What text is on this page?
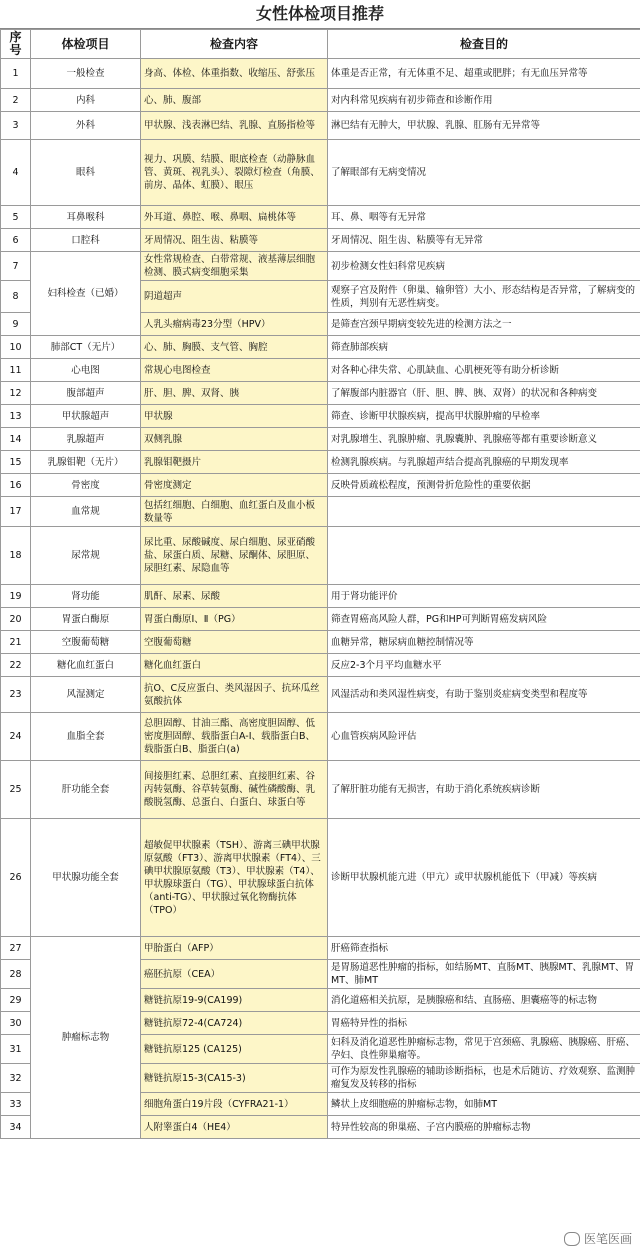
女性体检项目推荐
序号	体检项目	检查内容	检查目的
1	一般检查	身高、体检、体重指数、收缩压、舒张压	体重是否正常，有无体重不足、超重或肥胖；有无血压异常等
2	内科	心、肺、腹部	对内科常见疾病有初步筛查和诊断作用
3	外科	甲状腺、浅表淋巴结、乳腺、直肠指检等	淋巴结有无肿大，甲状腺、乳腺、肛肠有无异常等
4	眼科	视力、巩膜、结膜、眼底检查（动静脉血管、黄斑、视乳头）、裂隙灯检查（角膜、前房、晶体、虹膜）、眼压	了解眼部有无病变情况
5	耳鼻喉科	外耳道、鼻腔、喉、鼻咽、扁桃体等	耳、鼻、咽等有无异常
6	口腔科	牙周情况、阻生齿、粘膜等	牙周情况、阻生齿、粘膜等有无异常
7	妇科检查（已婚）	女性常规检查、白带常规、液基薄层细胞检测、膜式病变细胞采集	初步检测女性妇科常见疾病
8		阴道超声	观察子宫及附件（卵巢、输卵管）大小、形态结构是否异常，了解病变的性质，判别有无恶性病变。
9		人乳头瘤病毒23分型（HPV）	是筛查宫颈早期病变较先进的检测方法之一
10	肺部CT（无片）	心、肺、胸膜、支气管、胸腔	筛查肺部疾病
11	心电图	常规心电图检查	对各种心律失常、心肌缺血、心肌梗死等有助分析诊断
12	腹部超声	肝、胆、脾、双肾、胰	了解腹部内脏器官（肝、胆、脾、胰、双肾）的状况和各种病变
13	甲状腺超声	甲状腺	筛查、诊断甲状腺疾病，提高甲状腺肿瘤的早检率
14	乳腺超声	双侧乳腺	对乳腺增生、乳腺肿瘤、乳腺囊肿、乳腺癌等都有重要诊断意义
15	乳腺钼靶（无片）	乳腺钼靶摄片	检测乳腺疾病。与乳腺超声结合提高乳腺癌的早期发现率
16	骨密度	骨密度测定	反映骨质疏松程度，预测骨折危险性的重要依据
17	血常规	包括红细胞、白细胞、血红蛋白及血小板数量等	
18	尿常规	尿比重、尿酸碱度、尿白细胞、尿亚硝酸盐、尿蛋白质、尿糖、尿酮体、尿胆原、尿胆红素、尿隐血等	
19	肾功能	肌酐、尿素、尿酸	用于肾功能评价
20	胃蛋白酶原	胃蛋白酶原Ⅰ、Ⅱ（PG）	筛查胃癌高风险人群，PG和HP可判断胃癌发病风险
21	空腹葡萄糖	空腹葡萄糖	血糖异常，糖尿病血糖控制情况等
22	糖化血红蛋白	糖化血红蛋白	反应2-3个月平均血糖水平
23	风湿测定	抗O、C反应蛋白、类风湿因子、抗环瓜丝氨酸抗体	风湿活动和类风湿性病变，有助于鉴别炎症病变类型和程度等
24	血脂全套	总胆固醇、甘油三酯、高密度胆固醇、低密度胆固醇、载脂蛋白A-Ⅰ、载脂蛋白B、载脂蛋白B、脂蛋白(a)	心血管疾病风险评估
25	肝功能全套	间接胆红素、总胆红素、直接胆红素、谷丙转氨酶、谷草转氨酶、碱性磷酸酶、乳酸脱氢酶、总蛋白、白蛋白、球蛋白等	了解肝脏功能有无损害，有助于消化系统疾病诊断
26	甲状腺功能全套	超敏促甲状腺素（TSH）、游离三碘甲状腺原氨酸（FT3）、游离甲状腺素（FT4）、三碘甲状腺原氨酸（T3）、甲状腺素（T4）、甲状腺球蛋白（TG）、甲状腺球蛋白抗体（anti-TG）、甲状腺过氧化物酶抗体（TPO）	诊断甲状腺机能亢进（甲亢）或甲状腺机能低下（甲减）等疾病
27	肿瘤标志物	甲胎蛋白（AFP）	肝癌筛查指标
28		癌胚抗原（CEA）	是胃肠道恶性肿瘤的指标，如结肠MT、直肠MT、胰腺MT、乳腺MT、胃MT、肺MT
29		糖链抗原19-9(CA199)	消化道癌相关抗原，是胰腺癌和结、直肠癌、胆囊癌等的标志物
30		糖链抗原72-4(CA724)	胃癌特异性的指标
31		糖链抗原125 (CA125)	妇科及消化道恶性肿瘤标志物，常见于宫颈癌、乳腺癌、胰腺癌、肝癌、孕妇、良性卵巢瘤等。
32		糖链抗原15-3(CA15-3)	可作为原发性乳腺癌的辅助诊断指标，也是术后随访、疗效观察、监测肿瘤复发及转移的指标
33		细胞角蛋白19片段（CYFRA21-1）	鳞状上皮细胞癌的肿瘤标志物，如肺MT
34		人附睾蛋白4（HE4）	特异性较高的卵巢癌、子宫内膜癌的肿瘤标志物
医笔医画
